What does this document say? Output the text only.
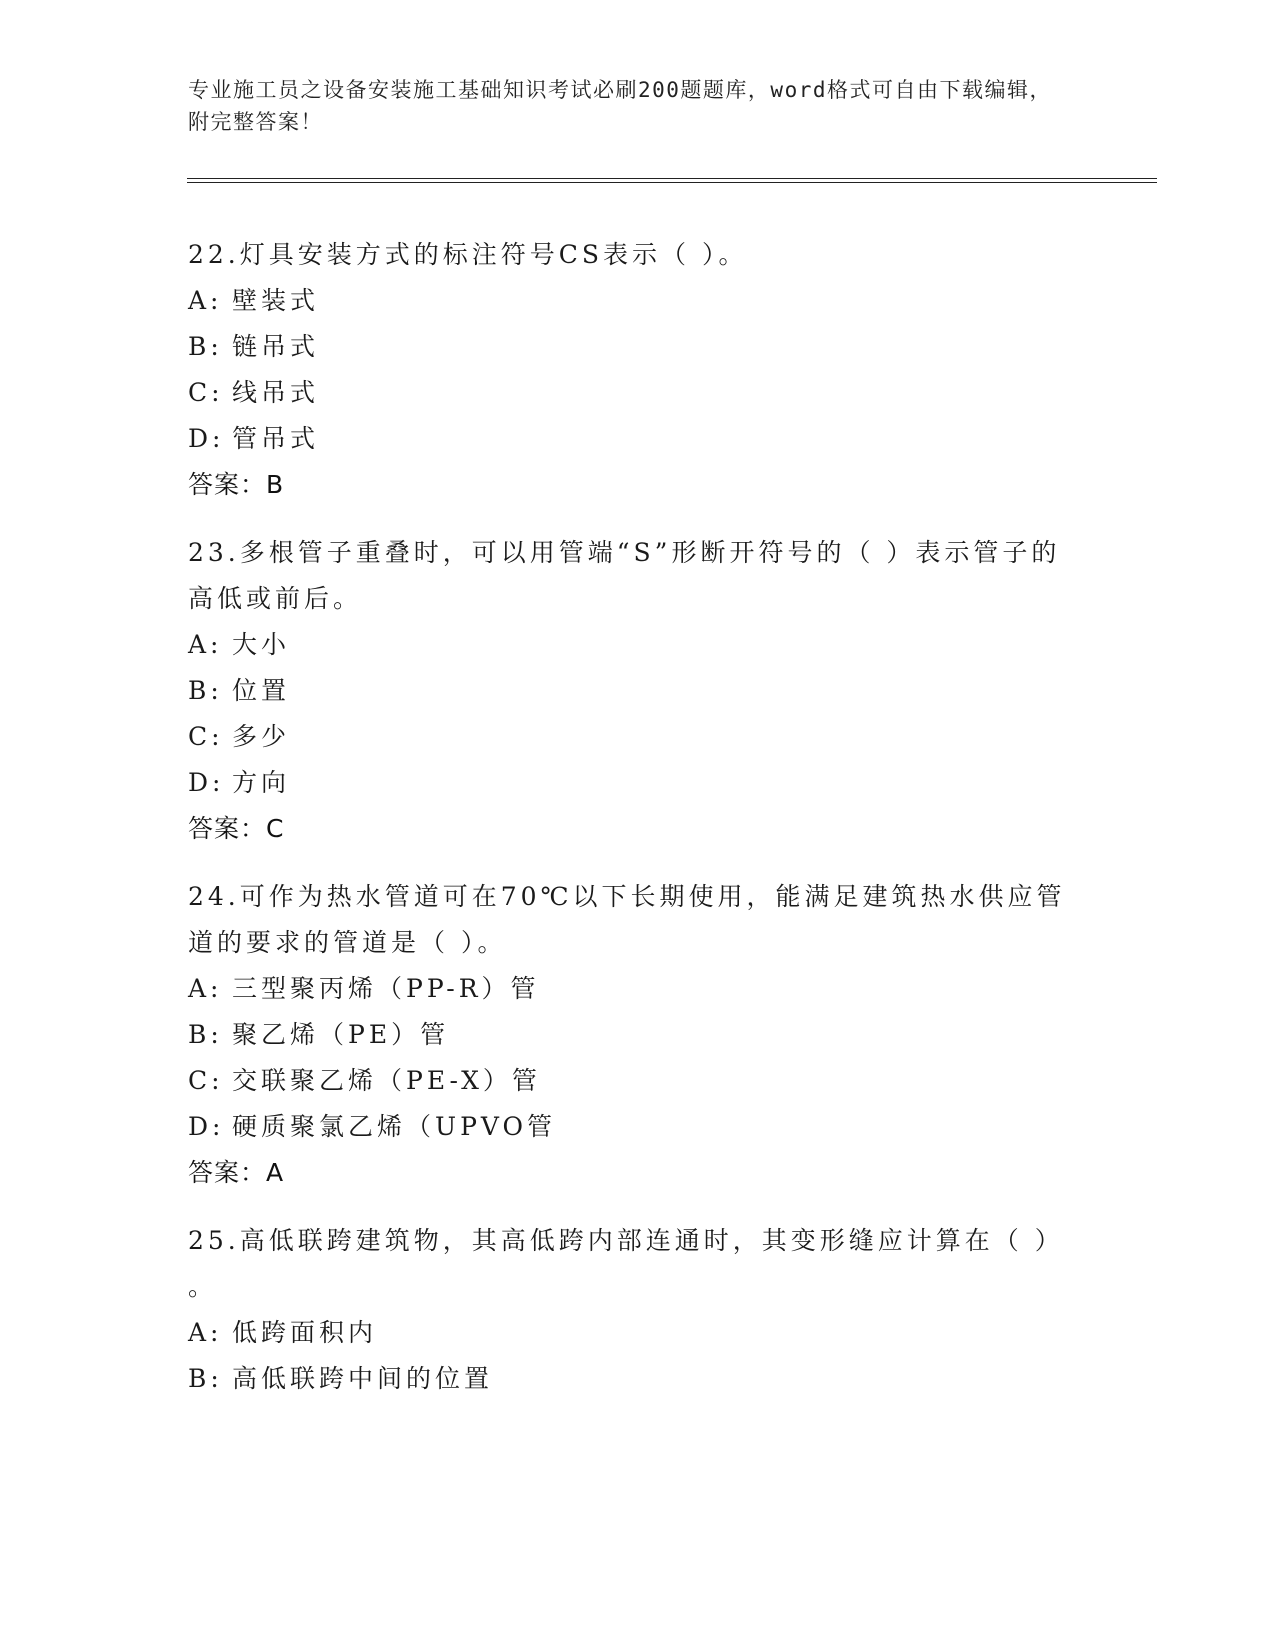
专业施工员之设备安装施工基础知识考试必刷200题题库，word格式可自由下载编辑，附完整答案！

22.灯具安装方式的标注符号CS表示（ ）。

A: 壁装式

B: 链吊式

C: 线吊式

D: 管吊式

答案：B

23.多根管子重叠时，可以用管端“S”形断开符号的（ ）表示管子的高低或前后。

A: 大小

B: 位置

C: 多少

D: 方向

答案：C

24.可作为热水管道可在70℃以下长期使用，能满足建筑热水供应管道的要求的管道是（ ）。

A: 三型聚丙烯（PP-R）管

B: 聚乙烯（PE）管

C: 交联聚乙烯（PE-X）管

D: 硬质聚氯乙烯（UPVO管

答案：A

25.高低联跨建筑物，其高低跨内部连通时，其变形缝应计算在（ ）

。

A: 低跨面积内

B: 高低联跨中间的位置
